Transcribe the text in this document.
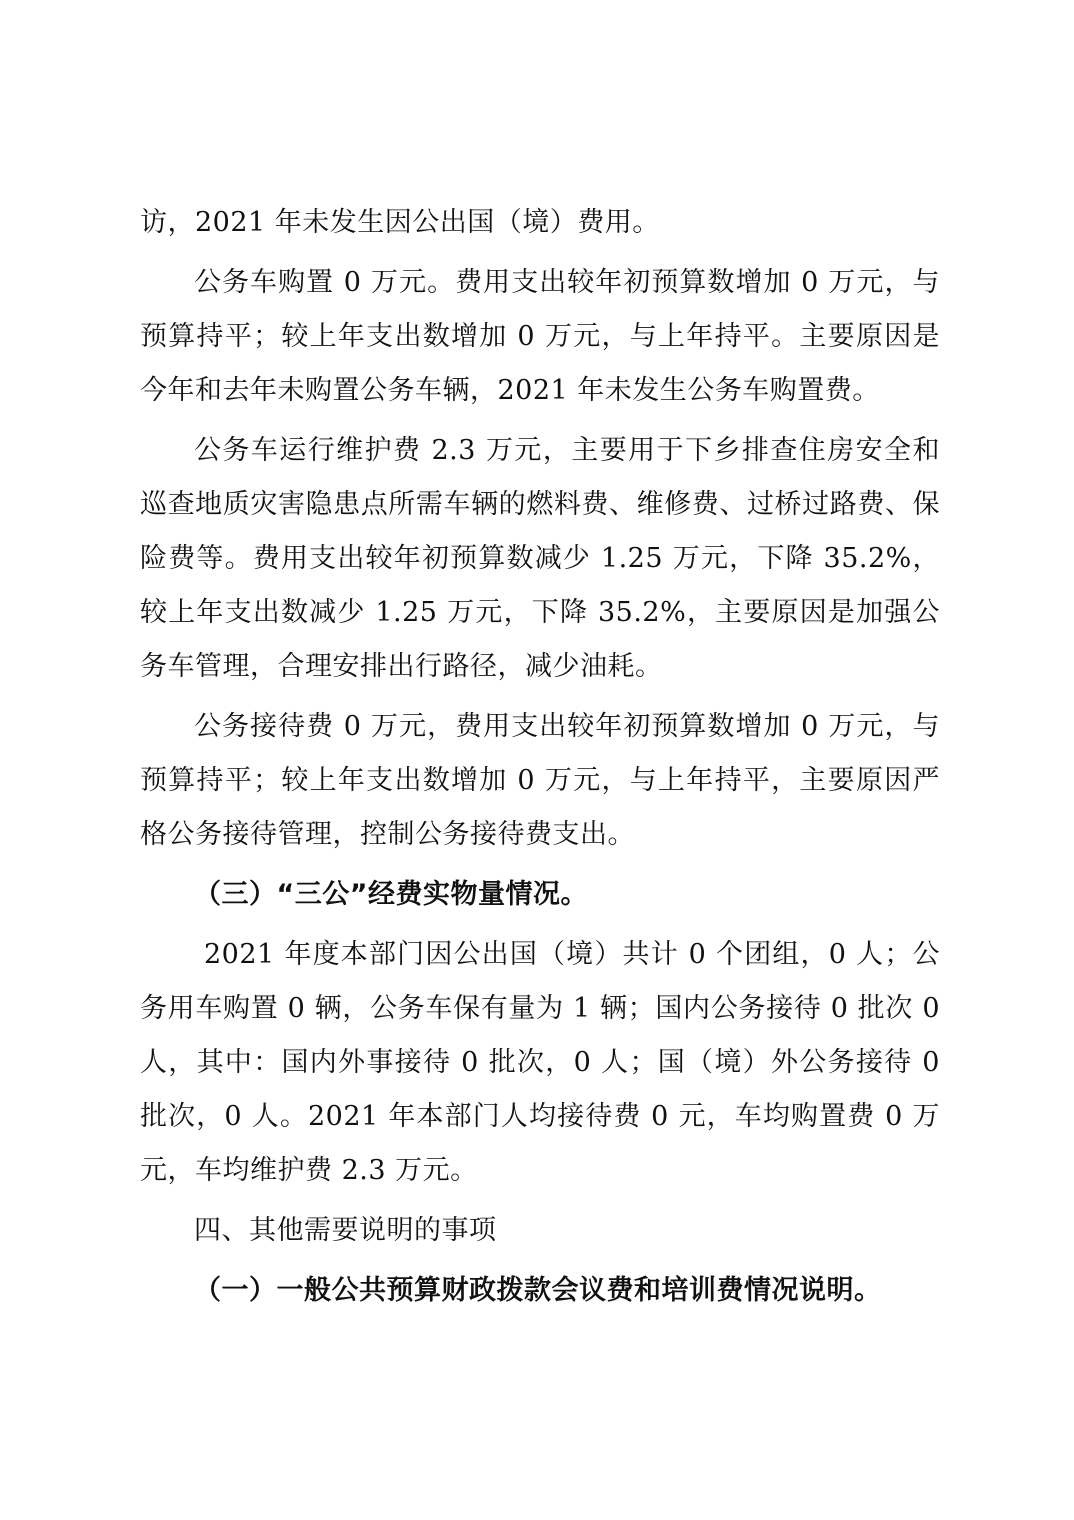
访，2021 年未发生因公出国（境）费用。

公务车购置 0 万元。费用支出较年初预算数增加 0 万元，与预算持平；较上年支出数增加 0 万元，与上年持平。主要原因是今年和去年未购置公务车辆，2021 年未发生公务车购置费。

公务车运行维护费 2.3 万元，主要用于下乡排查住房安全和巡查地质灾害隐患点所需车辆的燃料费、维修费、过桥过路费、保险费等。费用支出较年初预算数减少 1.25 万元，下降 35.2%，较上年支出数减少 1.25 万元，下降 35.2%，主要原因是加强公务车管理，合理安排出行路径，减少油耗。

公务接待费 0 万元，费用支出较年初预算数增加 0 万元，与预算持平；较上年支出数增加 0 万元，与上年持平，主要原因严格公务接待管理，控制公务接待费支出。

（三）“三公”经费实物量情况。

2021 年度本部门因公出国（境）共计 0 个团组，0 人；公务用车购置 0 辆，公务车保有量为 1 辆；国内公务接待 0 批次 0 人，其中：国内外事接待 0 批次，0 人；国（境）外公务接待 0 批次，0 人。2021 年本部门人均接待费 0 元，车均购置费 0 万元，车均维护费 2.3 万元。

四、其他需要说明的事项

（一）一般公共预算财政拨款会议费和培训费情况说明。
